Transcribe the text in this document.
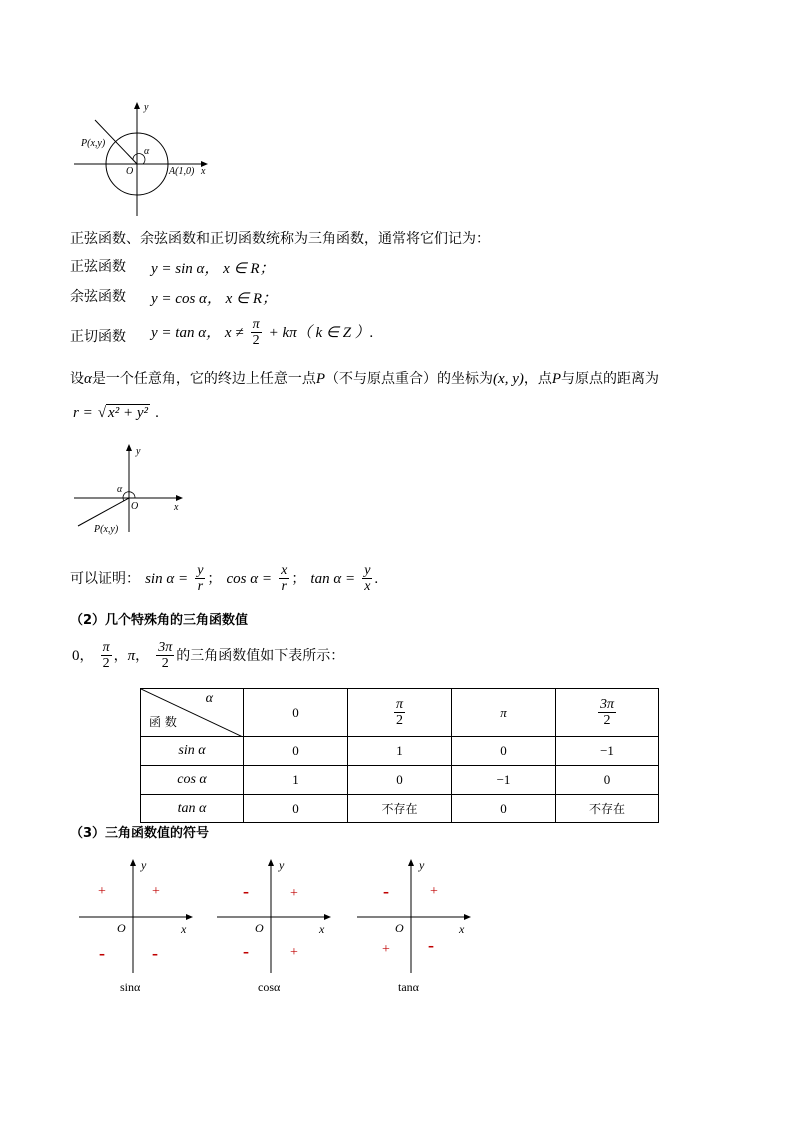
y
x
P(x,y)
α
O	A(1,0)
正弦函数、余弦函数和正切函数统称为三角函数，通常将它们记为：
正弦函数 y = sin α， x ∈ R；
余弦函数 y = cos α， x ∈ R；
正切函数 y = tan α， $x \ne \frac{\pi}{2} + k\pi$（ k ∈ Z ）.
设α是一个任意角，它的终边上任意一点P（不与原点重合）的坐标为(x, y)，点P与原点的距离为
r = √ x² + y² .
y
x
α
O
P(x,y)
可以证明： $\sin \alpha = \frac{y}{r}$ ； $\cos \alpha = \frac{x}{r}$ ； $\tan \alpha = \frac{y}{x}$ .
（2）几个特殊角的三角函数值
0， $\frac{\pi}{2}$ ，π， $\frac{3\pi}{2}$ 的三角函数值如下表所示：
α
函 数	0	$\frac{\pi}{2}$	π	$\frac{3\pi}{2}$

sin α	0	1	0	−1
cos α	1	0	−1	0
tan α	0	不存在	0	不存在
（3）三角函数值的符号
y
x
O
+
+
-	-
sinα
y
x
O
+
-
-	+
cosα
y
x
O
+
-
+ -
tanα
